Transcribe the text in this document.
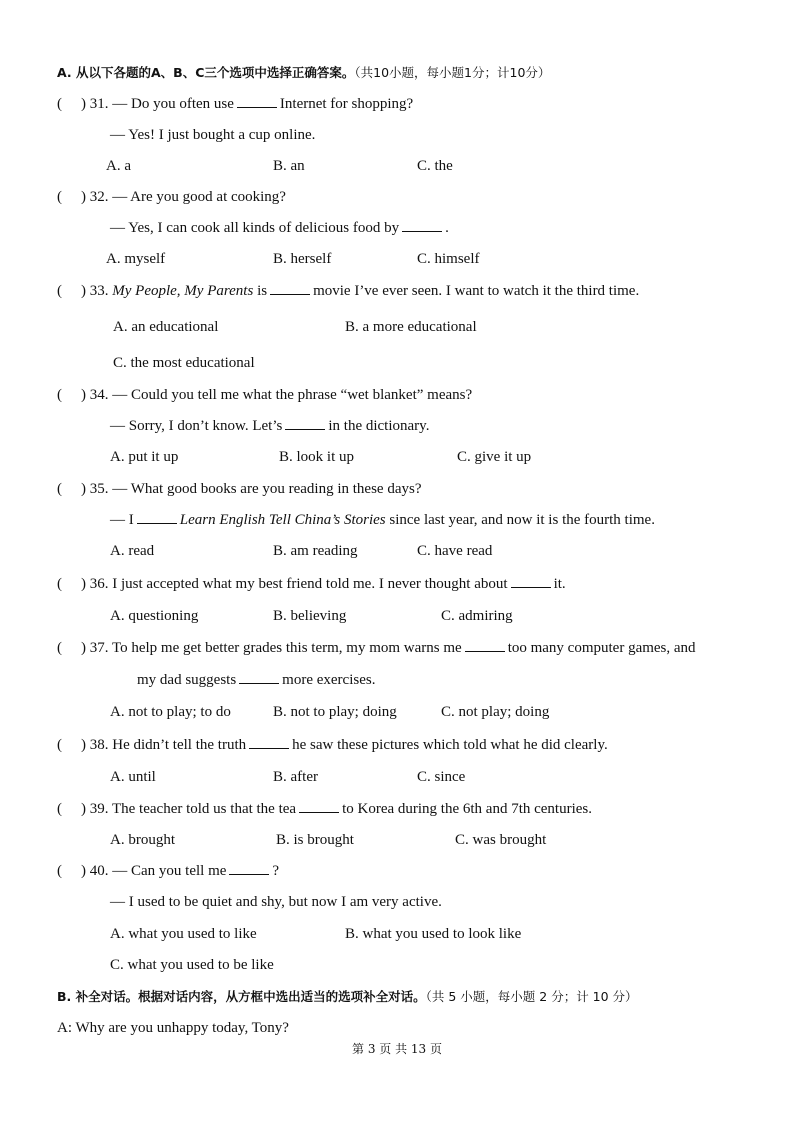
A. 从以下各题的A、B、C三个选项中选择正确答案。（共10小题，每小题1分；计10分）
( ) 31. — Do you often use	Internet for shopping?
— Yes! I just bought a cup online.
A. a	B. an	C. the
( ) 32. — Are you good at cooking?
— Yes, I can cook all kinds of delicious food by	.
A. myself	B. herself	C. himself
( ) 33. My People, My Parents is	movie I’ve ever seen. I want to watch it the third time.
A. an educational	B. a more educational
C. the most educational
( ) 34. — Could you tell me what the phrase “wet blanket” means?
— Sorry, I don’t know. Let’s	in the dictionary.
A. put it up	B. look it up	C. give it up
( ) 35. — What good books are you reading in these days?
— I	Learn English Tell China’s Stories since last year, and now it is the fourth time.
A. read	B. am reading	C. have read
( ) 36. I just accepted what my best friend told me. I never thought about	it.
A. questioning	B. believing	C. admiring
( ) 37. To help me get better grades this term, my mom warns me	too many computer games, and
my dad suggests	more exercises.
A. not to play; to do	B. not to play; doing	C. not play; doing
( ) 38. He didn’t tell the truth	he saw these pictures which told what he did clearly.
A. until	B. after	C. since
( ) 39. The teacher told us that the tea	to Korea during the 6th and 7th centuries.
A. brought	B. is brought	C. was brought
( ) 40. — Can you tell me	?
— I used to be quiet and shy, but now I am very active.
A. what you used to like	B. what you used to look like
C. what you used to be like
B. 补全对话。根据对话内容，从方框中选出适当的选项补全对话。（共 5 小题，每小题 2 分；计 10 分）
A: Why are you unhappy today, Tony?
第 3 页 共 13 页
